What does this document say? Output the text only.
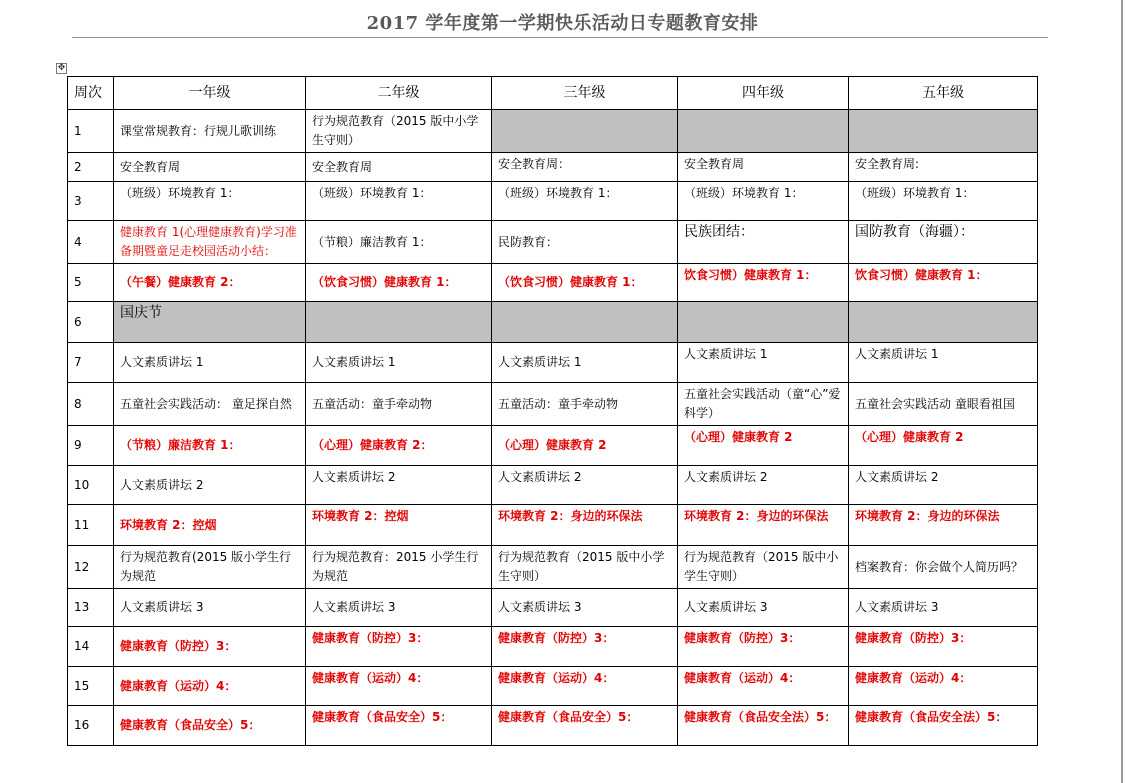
2017 学年度第一学期快乐活动日专题教育安排
✥
周次	一年级	二年级	三年级	四年级	五年级
1	课堂常规教育：行规儿歌训练	行为规范教育（2015 版中小学生守则）			
2	安全教育周	安全教育周	安全教育周：	安全教育周	安全教育周:
3	（班级）环境教育 1：	（班级）环境教育 1：	（班级）环境教育 1：	（班级）环境教育 1：	（班级）环境教育 1：
4	健康教育 1(心理健康教育)学习准备期暨童足走校园活动小结：	（节粮）廉洁教育 1：	民防教育：	民族团结：	国防教育（海疆）：
5	（午餐）健康教育 2：	（饮食习惯）健康教育 1：	（饮食习惯）健康教育 1：	饮食习惯）健康教育 1：	饮食习惯）健康教育 1：
6	国庆节				
7	人文素质讲坛 1	人文素质讲坛 1	人文素质讲坛 1	人文素质讲坛 1	人文素质讲坛 1
8	五童社会实践活动： 童足探自然	五童活动：童手牵动物	五童活动：童手牵动物	五童社会实践活动（童“心”爱科学）	五童社会实践活动 童眼看祖国
9	（节粮）廉洁教育 1：	（心理）健康教育 2：	（心理）健康教育 2	（心理）健康教育 2	（心理）健康教育 2
10	人文素质讲坛 2	人文素质讲坛 2	人文素质讲坛 2	人文素质讲坛 2	人文素质讲坛 2
11	环境教育 2：控烟	环境教育 2：控烟	环境教育 2：身边的环保法	环境教育 2：身边的环保法	环境教育 2：身边的环保法
12	行为规范教育(2015 版小学生行为规范	行为规范教育：2015 小学生行为规范	行为规范教育（2015 版中小学生守则）	行为规范教育（2015 版中小学生守则）	档案教育：你会做个人简历吗？
13	人文素质讲坛 3	人文素质讲坛 3	人文素质讲坛 3	人文素质讲坛 3	人文素质讲坛 3
14	健康教育（防控）3：	健康教育（防控）3：	健康教育（防控）3：	健康教育（防控）3：	健康教育（防控）3：
15	健康教育（运动）4：	健康教育（运动）4：	健康教育（运动）4：	健康教育（运动）4：	健康教育（运动）4：
16	健康教育（食品安全）5：	健康教育（食品安全）5：	健康教育（食品安全）5：	健康教育（食品安全法）5：	健康教育（食品安全法）5：
